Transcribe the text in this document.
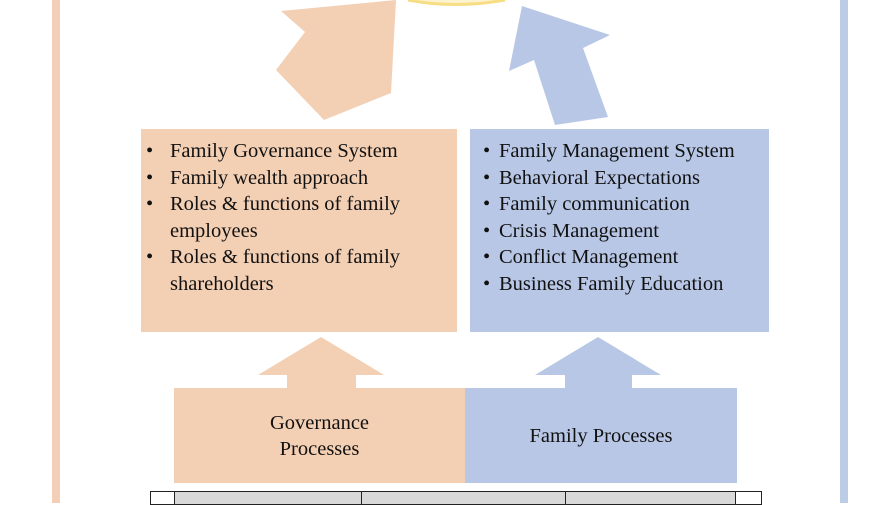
• Family Governance System
• Family wealth approach
• Roles & functions of family employees
• Roles & functions of family shareholders
• Family Management System
• Behavioral Expectations
• Family communication
• Crisis Management
• Conflict Management
• Business Family Education
Governance Processes
Family Processes
